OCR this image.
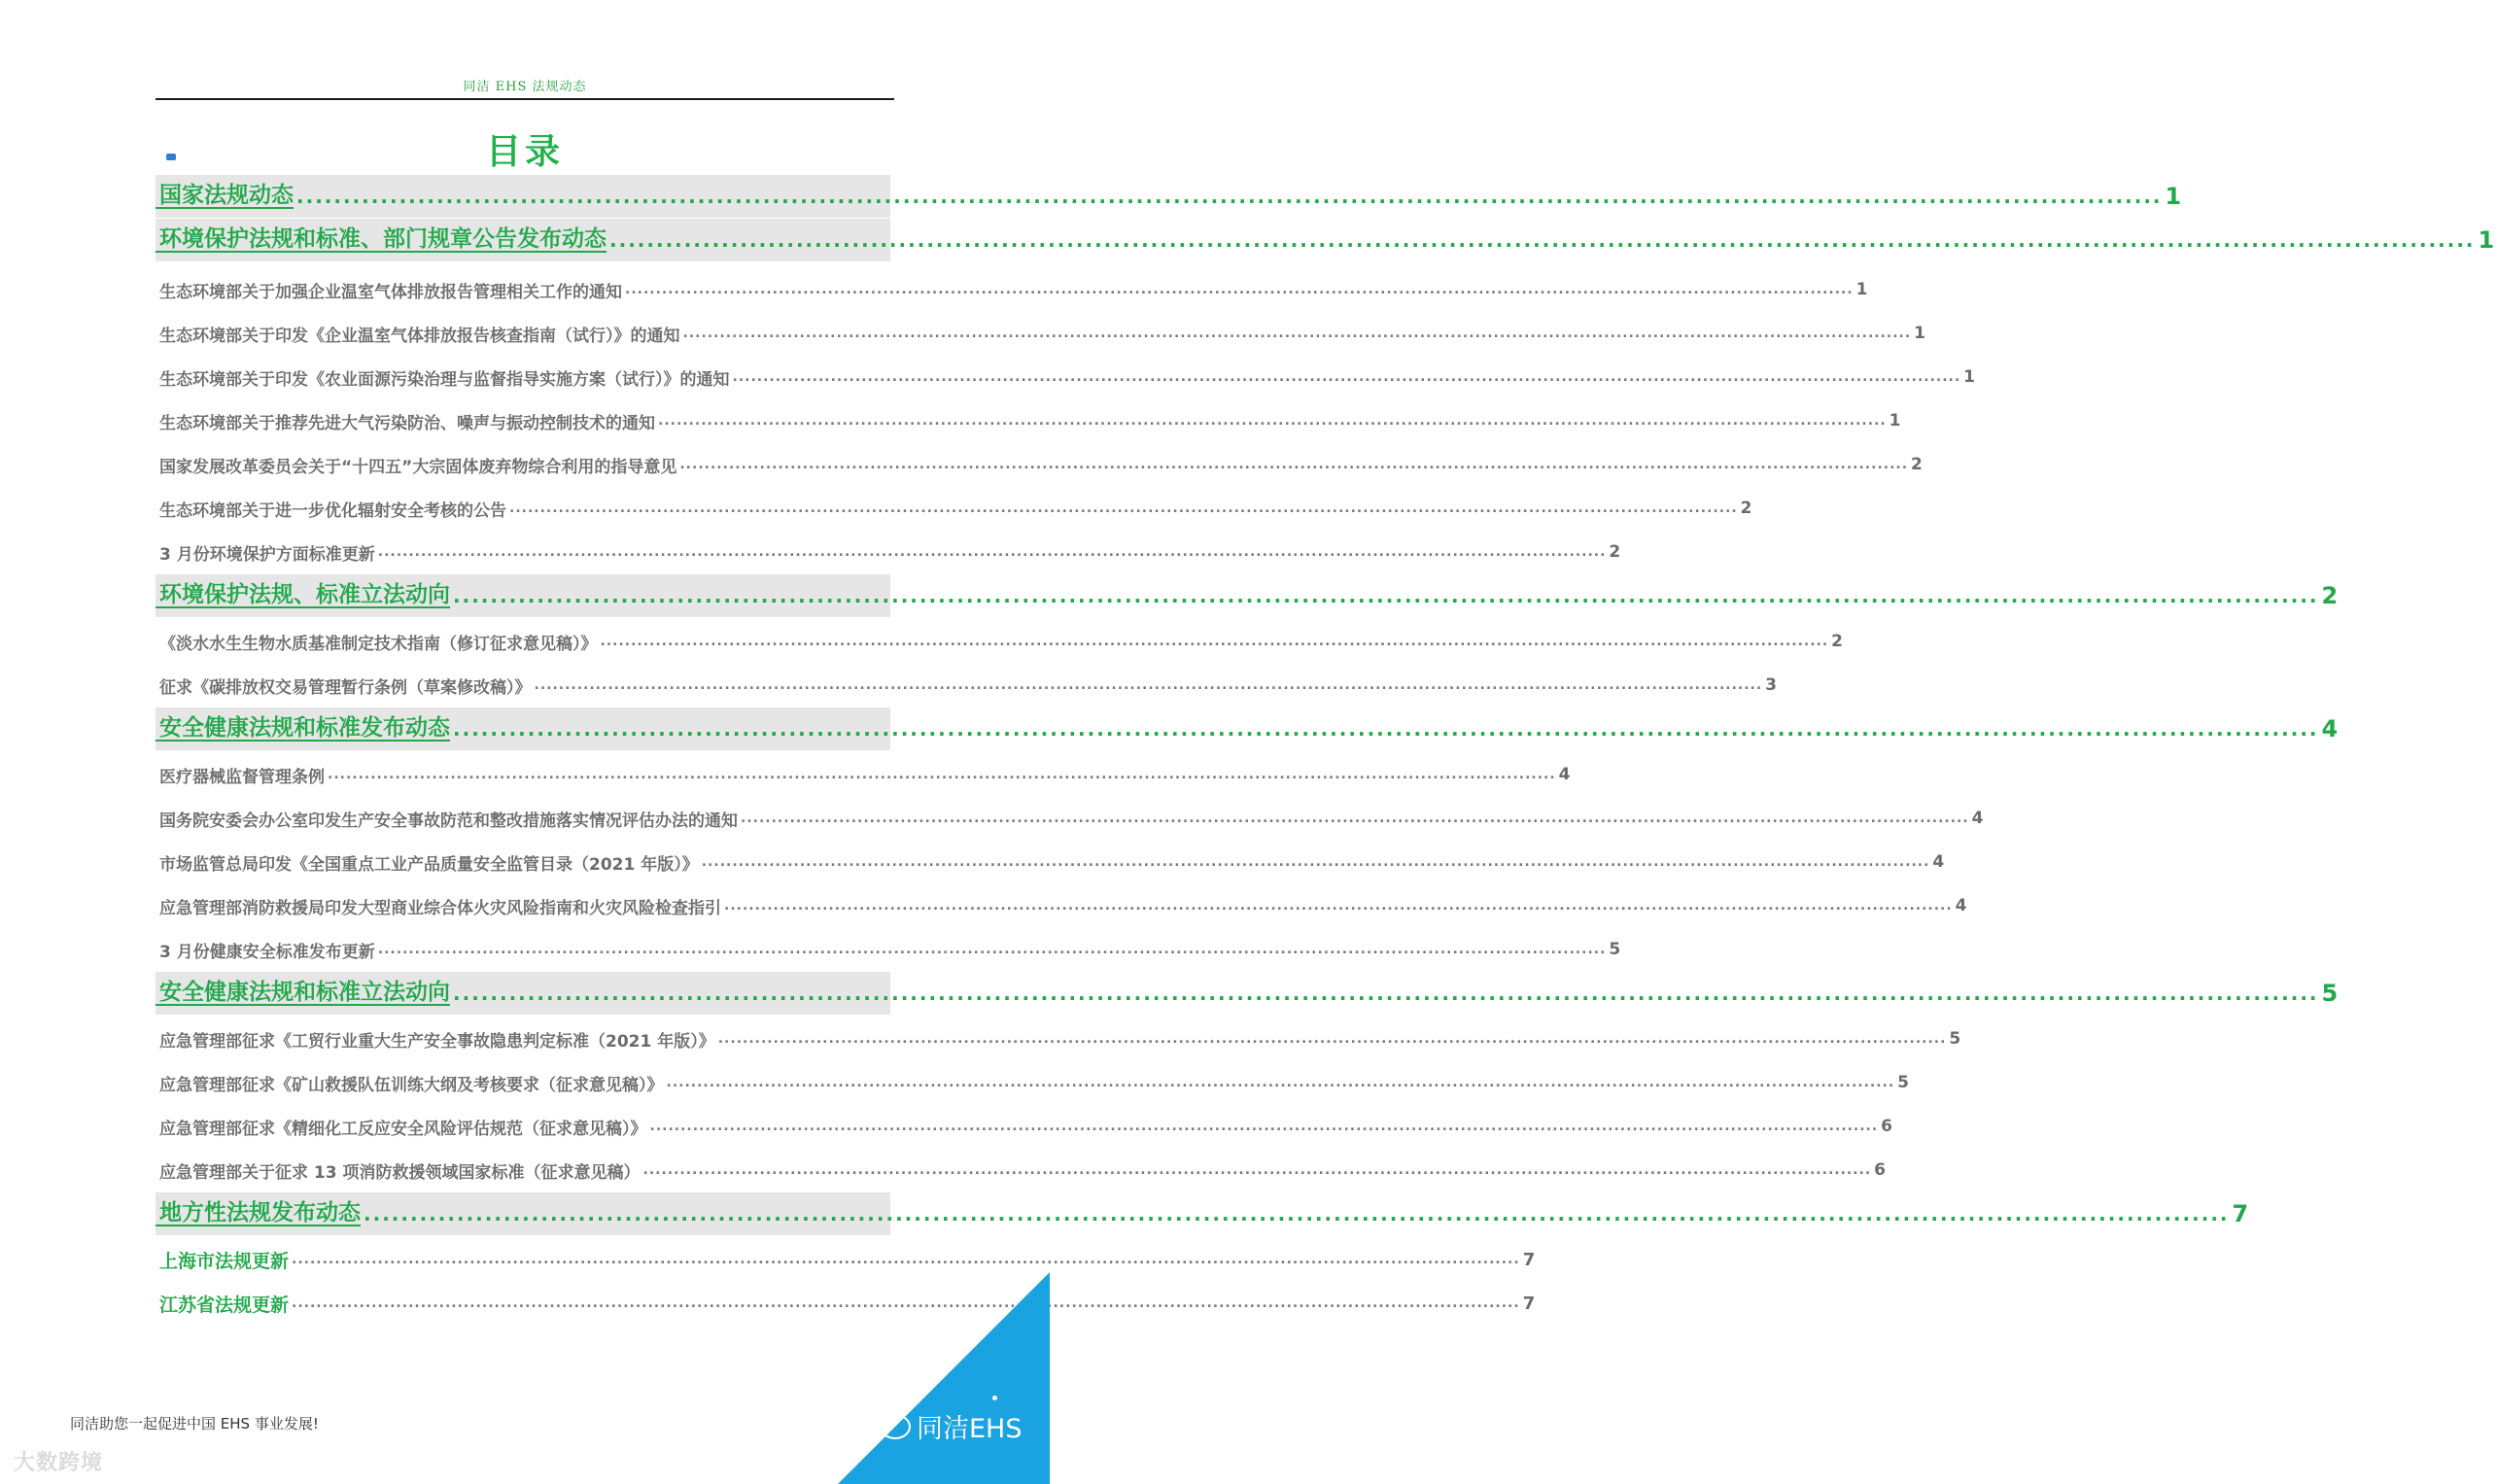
同洁 EHS 法规动态
目录
国家法规动态 ........................................................................................................................................................................................................ 1
环境保护法规和标准、部门规章公告发布动态 ........................................................................................................................................................................................................ 1
生态环境部关于加强企业温室气体排放报告管理相关工作的通知 ........................................................................................................................................................................................................ 1
生态环境部关于印发《企业温室气体排放报告核查指南（试行）》的通知 ........................................................................................................................................................................................................ 1
生态环境部关于印发《农业面源污染治理与监督指导实施方案（试行）》的通知 ........................................................................................................................................................................................................ 1
生态环境部关于推荐先进大气污染防治、噪声与振动控制技术的通知 ........................................................................................................................................................................................................ 1
国家发展改革委员会关于“十四五”大宗固体废弃物综合利用的指导意见 ........................................................................................................................................................................................................ 2
生态环境部关于进一步优化辐射安全考核的公告 ........................................................................................................................................................................................................ 2
3 月份环境保护方面标准更新 ........................................................................................................................................................................................................ 2
环境保护法规、标准立法动向 ........................................................................................................................................................................................................ 2
《淡水水生生物水质基准制定技术指南（修订征求意见稿）》 ........................................................................................................................................................................................................ 2
征求《碳排放权交易管理暂行条例（草案修改稿）》 ........................................................................................................................................................................................................ 3
安全健康法规和标准发布动态 ........................................................................................................................................................................................................ 4
医疗器械监督管理条例 ........................................................................................................................................................................................................ 4
国务院安委会办公室印发生产安全事故防范和整改措施落实情况评估办法的通知 ........................................................................................................................................................................................................ 4
市场监管总局印发《全国重点工业产品质量安全监管目录（2021 年版）》 ........................................................................................................................................................................................................ 4
应急管理部消防救援局印发大型商业综合体火灾风险指南和火灾风险检查指引 ........................................................................................................................................................................................................ 4
3 月份健康安全标准发布更新 ........................................................................................................................................................................................................ 5
安全健康法规和标准立法动向 ........................................................................................................................................................................................................ 5
应急管理部征求《工贸行业重大生产安全事故隐患判定标准（2021 年版）》 ........................................................................................................................................................................................................ 5
应急管理部征求《矿山救援队伍训练大纲及考核要求（征求意见稿）》 ........................................................................................................................................................................................................ 5
应急管理部征求《精细化工反应安全风险评估规范（征求意见稿）》 ........................................................................................................................................................................................................ 6
应急管理部关于征求 13 项消防救援领域国家标准（征求意见稿） ........................................................................................................................................................................................................ 6
地方性法规发布动态 ........................................................................................................................................................................................................ 7
上海市法规更新 ........................................................................................................................................................................................................ 7
江苏省法规更新 ........................................................................................................................................................................................................ 7
同洁助您一起促进中国 EHS 事业发展!
大数跨境
同洁EHS
